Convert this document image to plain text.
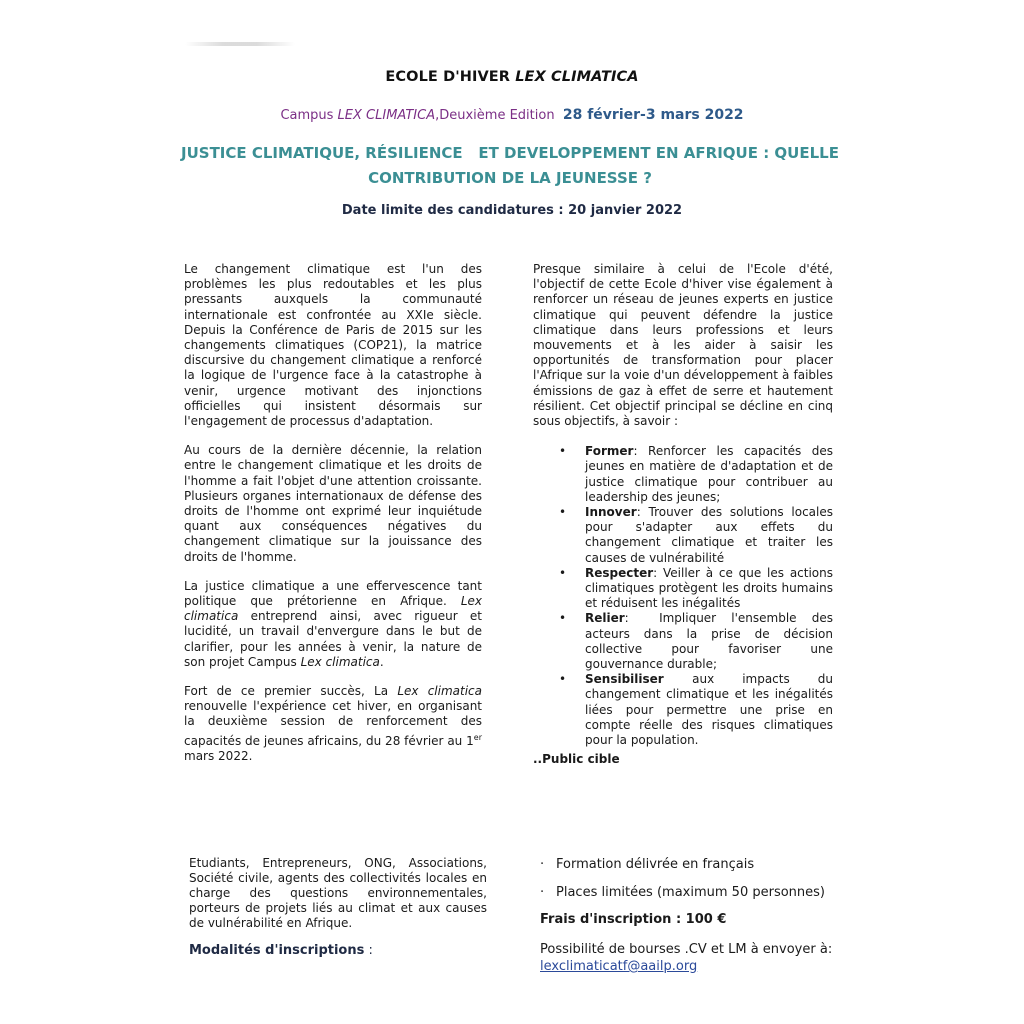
ECOLE D'HIVER LEX CLIMATICA
Campus LEX CLIMATICA,Deuxième Edition 28 février-3 mars 2022
JUSTICE CLIMATIQUE, RÉSILIENCE   ET DEVELOPPEMENT EN AFRIQUE : QUELLE
CONTRIBUTION DE LA JEUNESSE ?
Date limite des candidatures : 20 janvier 2022

Le changement climatique est l'un des problèmes les plus redoutables et les plus pressants auxquels la communauté internationale est confrontée au XXIe siècle. Depuis la Conférence de Paris de 2015 sur les changements climatiques (COP21), la matrice discursive du changement climatique a renforcé la logique de l'urgence face à la catastrophe à venir, urgence motivant des injonctions officielles qui insistent désormais sur l'engagement de processus d'adaptation.

Au cours de la dernière décennie, la relation entre le changement climatique et les droits de l'homme a fait l'objet d'une attention croissante. Plusieurs organes internationaux de défense des droits de l'homme ont exprimé leur inquiétude quant aux conséquences négatives du changement climatique sur la jouissance des droits de l'homme.

La justice climatique a une effervescence tant politique que prétorienne en Afrique. Lex climatica entreprend ainsi, avec rigueur et lucidité, un travail d'envergure dans le but de clarifier, pour les années à venir, la nature de son projet Campus Lex climatica.

Fort de ce premier succès, La Lex climatica renouvelle l'expérience cet hiver, en organisant la deuxième session de renforcement des capacités de jeunes africains, du 28 février au 1er mars 2022.

Presque similaire à celui de l'Ecole d'été, l'objectif de cette Ecole d'hiver vise également à renforcer un réseau de jeunes experts en justice climatique qui peuvent défendre la justice climatique dans leurs professions et leurs mouvements et à les aider à saisir les opportunités de transformation pour placer l'Afrique sur la voie d'un développement à faibles émissions de gaz à effet de serre et hautement résilient. Cet objectif principal se décline en cinq sous objectifs, à savoir :

• Former: Renforcer les capacités des jeunes en matière de d'adaptation et de justice climatique pour contribuer au leadership des jeunes;
• Innover: Trouver des solutions locales pour s'adapter aux effets du changement climatique et traiter les causes de vulnérabilité
• Respecter: Veiller à ce que les actions climatiques protègent les droits humains et réduisent les inégalités
• Relier:  Impliquer l'ensemble des acteurs dans la prise de décision collective pour favoriser une gouvernance durable;
• Sensibiliser aux impacts du changement climatique et les inégalités liées pour permettre une prise en compte réelle des risques climatiques pour la population.
..Public cible
Etudiants, Entrepreneurs, ONG, Associations, Société civile, agents des collectivités locales en charge des questions environnementales, porteurs de projets liés au climat et aux causes de vulnérabilité en Afrique.
Modalités d'inscriptions :
· Formation délivrée en français
· Places limitées (maximum 50 personnes)
Frais d'inscription : 100 €
Possibilité de bourses .CV et LM à envoyer à: lexclimaticatf@aailp.org
